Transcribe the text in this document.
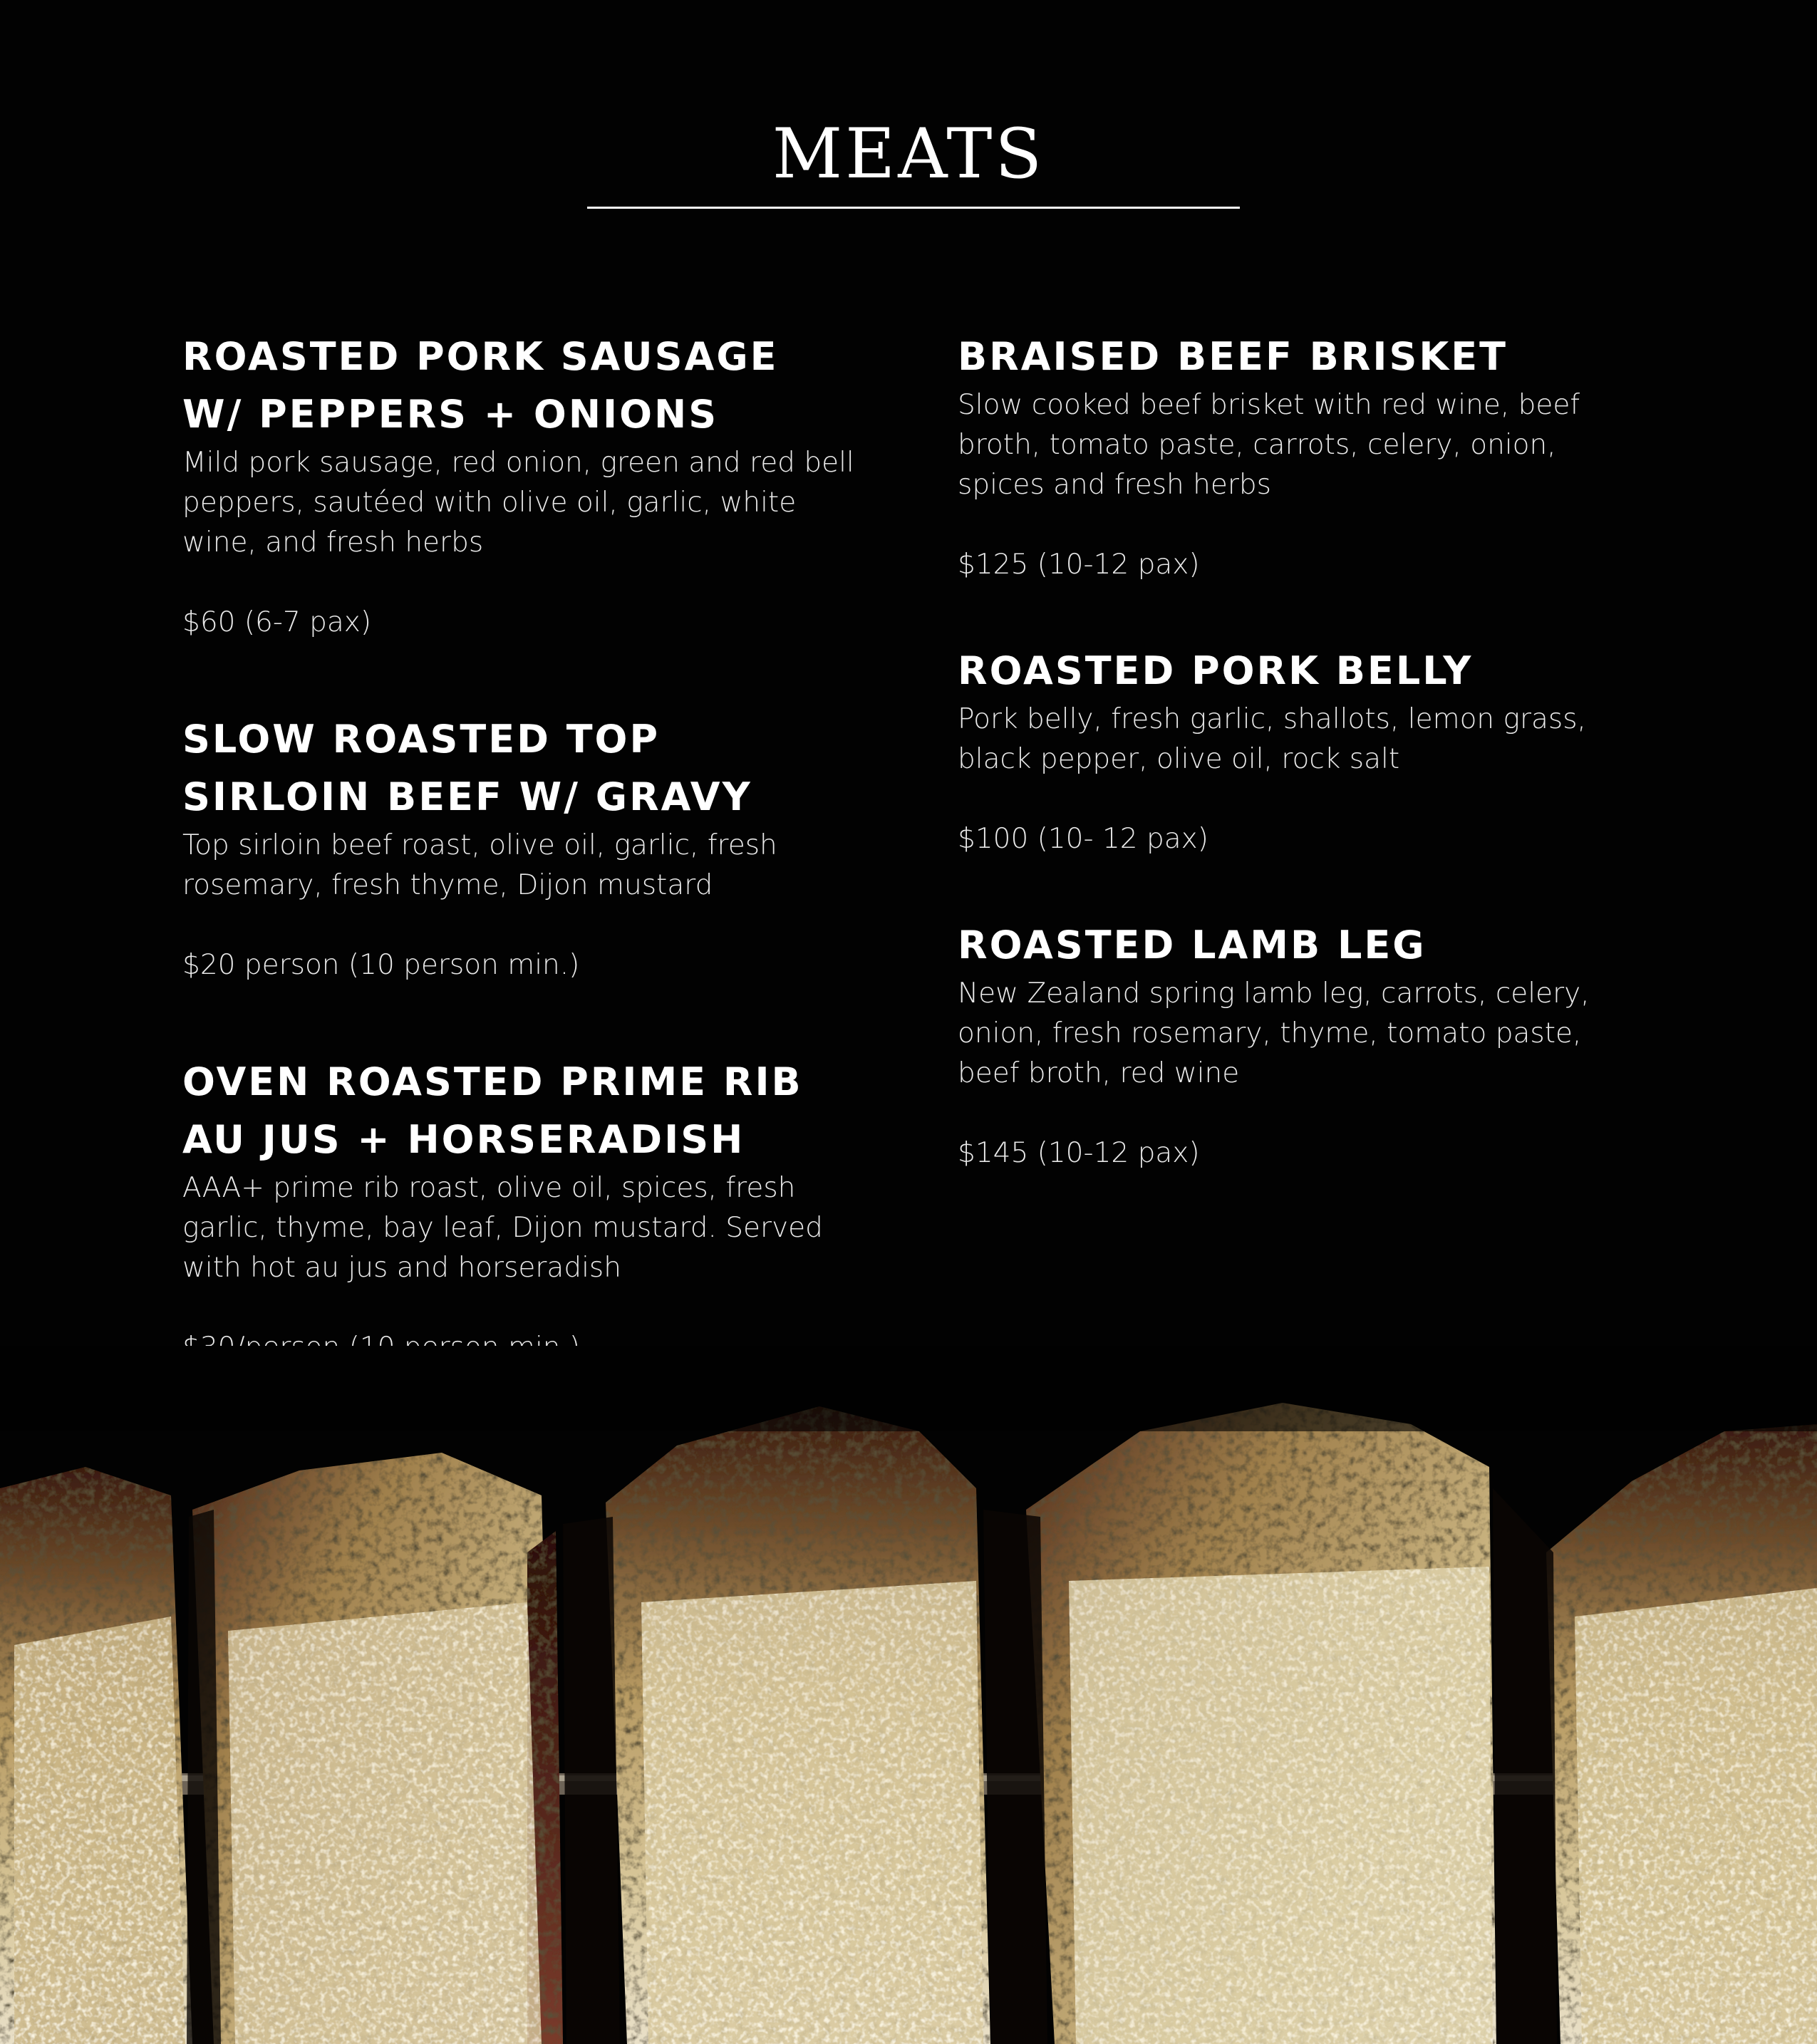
MEATS

ROASTED PORK SAUSAGE
W/ PEPPERS + ONIONS

Mild pork sausage, red onion, green and red bell peppers, sautéed with olive oil, garlic, white wine, and fresh herbs

$60 (6-7 pax)

SLOW ROASTED TOP
SIRLOIN BEEF W/ GRAVY

Top sirloin beef roast, olive oil, garlic, fresh rosemary, fresh thyme, Dijon mustard

$20 person (10 person min.)

OVEN ROASTED PRIME RIB
AU JUS + HORSERADISH

AAA+ prime rib roast, olive oil, spices, fresh garlic, thyme, bay leaf, Dijon mustard. Served with hot au jus and horseradish

BRAISED BEEF BRISKET

Slow cooked beef brisket with red wine, beef broth, tomato paste, carrots, celery, onion, spices and fresh herbs

$125 (10-12 pax)

ROASTED PORK BELLY

Pork belly, fresh garlic, shallots, lemon grass, black pepper, olive oil, rock salt

$100 (10- 12 pax)

ROASTED LAMB LEG

New Zealand spring lamb leg, carrots, celery, onion, fresh rosemary, thyme, tomato paste, beef broth, red wine

$145 (10-12 pax)
